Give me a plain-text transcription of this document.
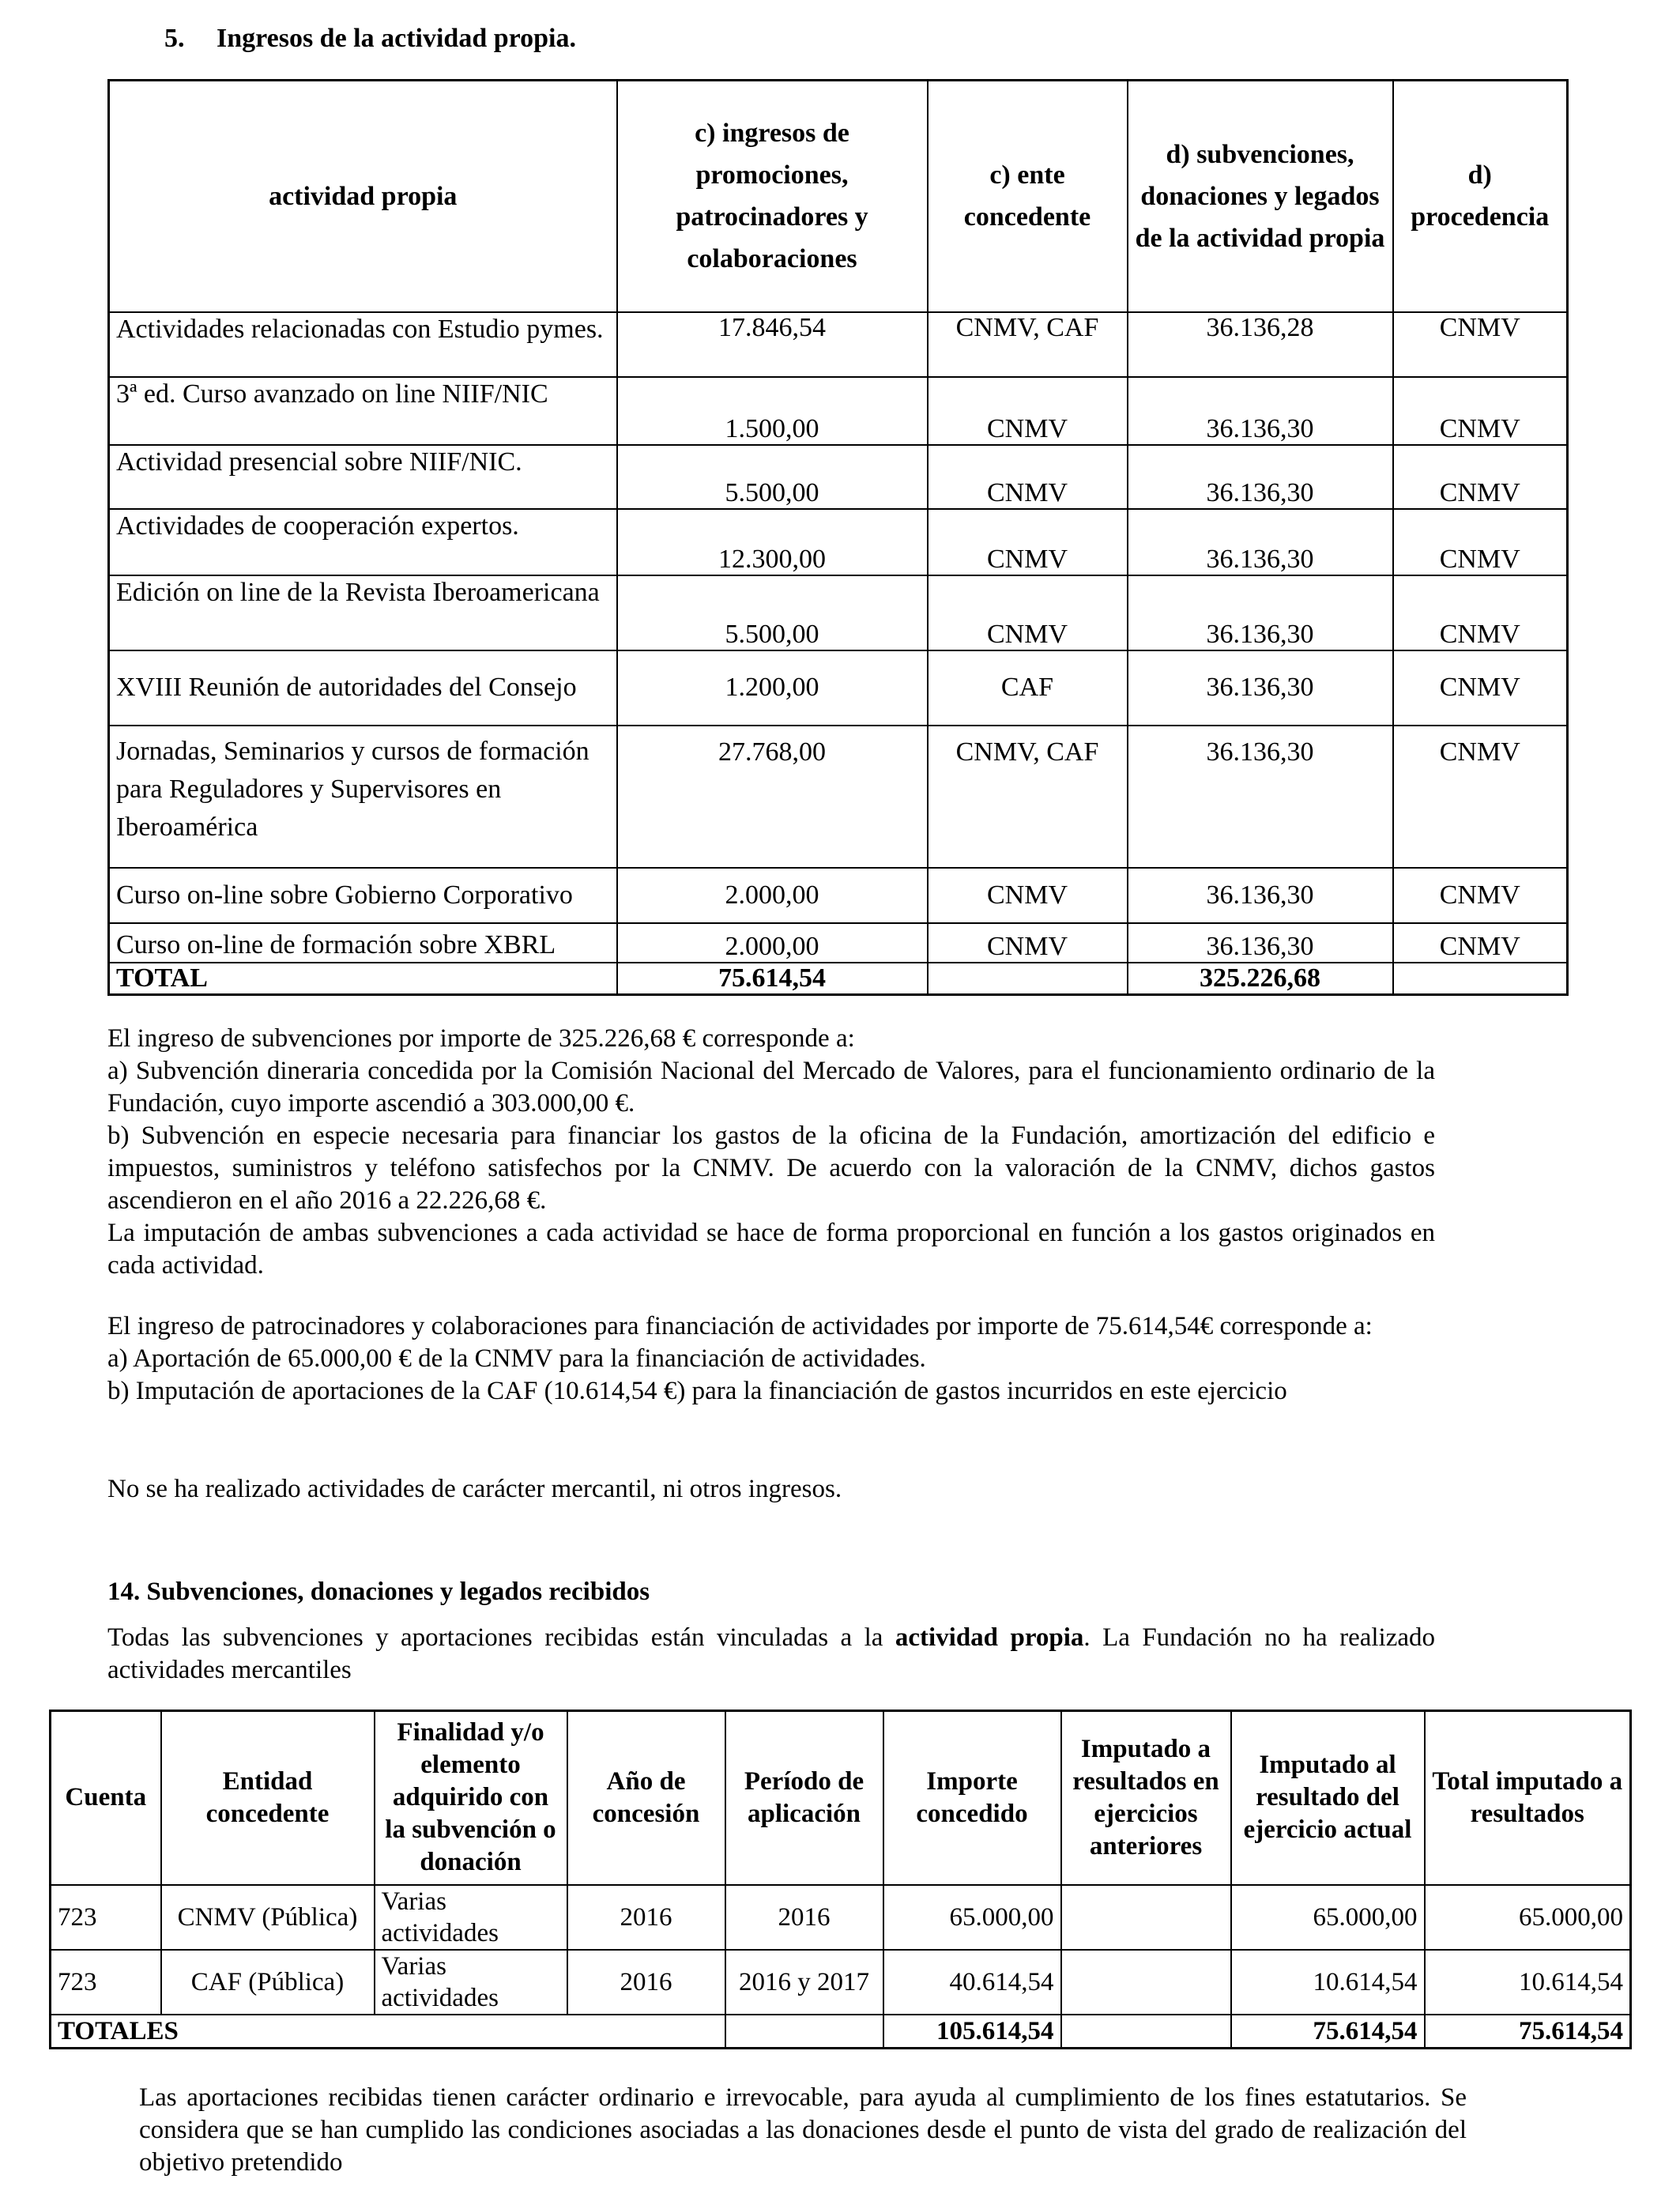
5. Ingresos de la actividad propia.
actividad propia	c) ingresos de promociones, patrocinadores y colaboraciones	c) ente concedente	d) subvenciones, donaciones y legados de la actividad propia	d) procedencia
Actividades relacionadas con Estudio pymes.	17.846,54	CNMV, CAF	36.136,28	CNMV
3ª ed. Curso avanzado on line NIIF/NIC	1.500,00	CNMV	36.136,30	CNMV
Actividad presencial sobre NIIF/NIC.	5.500,00	CNMV	36.136,30	CNMV
Actividades de cooperación expertos.	12.300,00	CNMV	36.136,30	CNMV
Edición on line de la Revista Iberoamericana	5.500,00	CNMV	36.136,30	CNMV
XVIII Reunión de autoridades del Consejo	1.200,00	CAF	36.136,30	CNMV
Jornadas, Seminarios y cursos de formación para Reguladores y Supervisores en Iberoamérica	27.768,00	CNMV, CAF	36.136,30	CNMV
Curso on-line sobre Gobierno Corporativo	2.000,00	CNMV	36.136,30	CNMV
Curso on-line de formación sobre XBRL	2.000,00	CNMV	36.136,30	CNMV
TOTAL	75.614,54		325.226,68	

El ingreso de subvenciones por importe de 325.226,68 € corresponde a:

a) Subvención dineraria concedida por la Comisión Nacional del Mercado de Valores, para el funcionamiento ordinario de la Fundación, cuyo importe ascendió a 303.000,00 €.

b) Subvención en especie necesaria para financiar los gastos de la oficina de la Fundación, amortización del edificio e impuestos, suministros y teléfono satisfechos por la CNMV. De acuerdo con la valoración de la CNMV, dichos gastos ascendieron en el año 2016 a 22.226,68 €.

La imputación de ambas subvenciones a cada actividad se hace de forma proporcional en función a los gastos originados en cada actividad.

El ingreso de patrocinadores y colaboraciones para financiación de actividades por importe de 75.614,54€ corresponde a:

a) Aportación de 65.000,00 € de la CNMV para la financiación de actividades.

b) Imputación de aportaciones de la CAF (10.614,54 €) para la financiación de gastos incurridos en este ejercicio

No se ha realizado actividades de carácter mercantil, ni otros ingresos.

14. Subvenciones, donaciones y legados recibidos

Todas las subvenciones y aportaciones recibidas están vinculadas a la actividad propia. La Fundación no ha realizado actividades mercantiles

Cuenta	Entidad concedente	Finalidad y/o elemento adquirido con la subvención o donación	Año de concesión	Período de aplicación	Importe concedido	Imputado a resultados en ejercicios anteriores	Imputado al resultado del ejercicio actual	Total imputado a resultados
723	CNMV (Pública)	Varias actividades	2016	2016	65.000,00		65.000,00	65.000,00
723	CAF (Pública)	Varias actividades	2016	2016 y 2017	40.614,54		10.614,54	10.614,54
TOTALES					105.614,54		75.614,54	75.614,54
Las aportaciones recibidas tienen carácter ordinario e irrevocable, para ayuda al cumplimiento de los fines estatutarios. Se considera que se han cumplido las condiciones asociadas a las donaciones desde el punto de vista del grado de realización del objetivo pretendido
